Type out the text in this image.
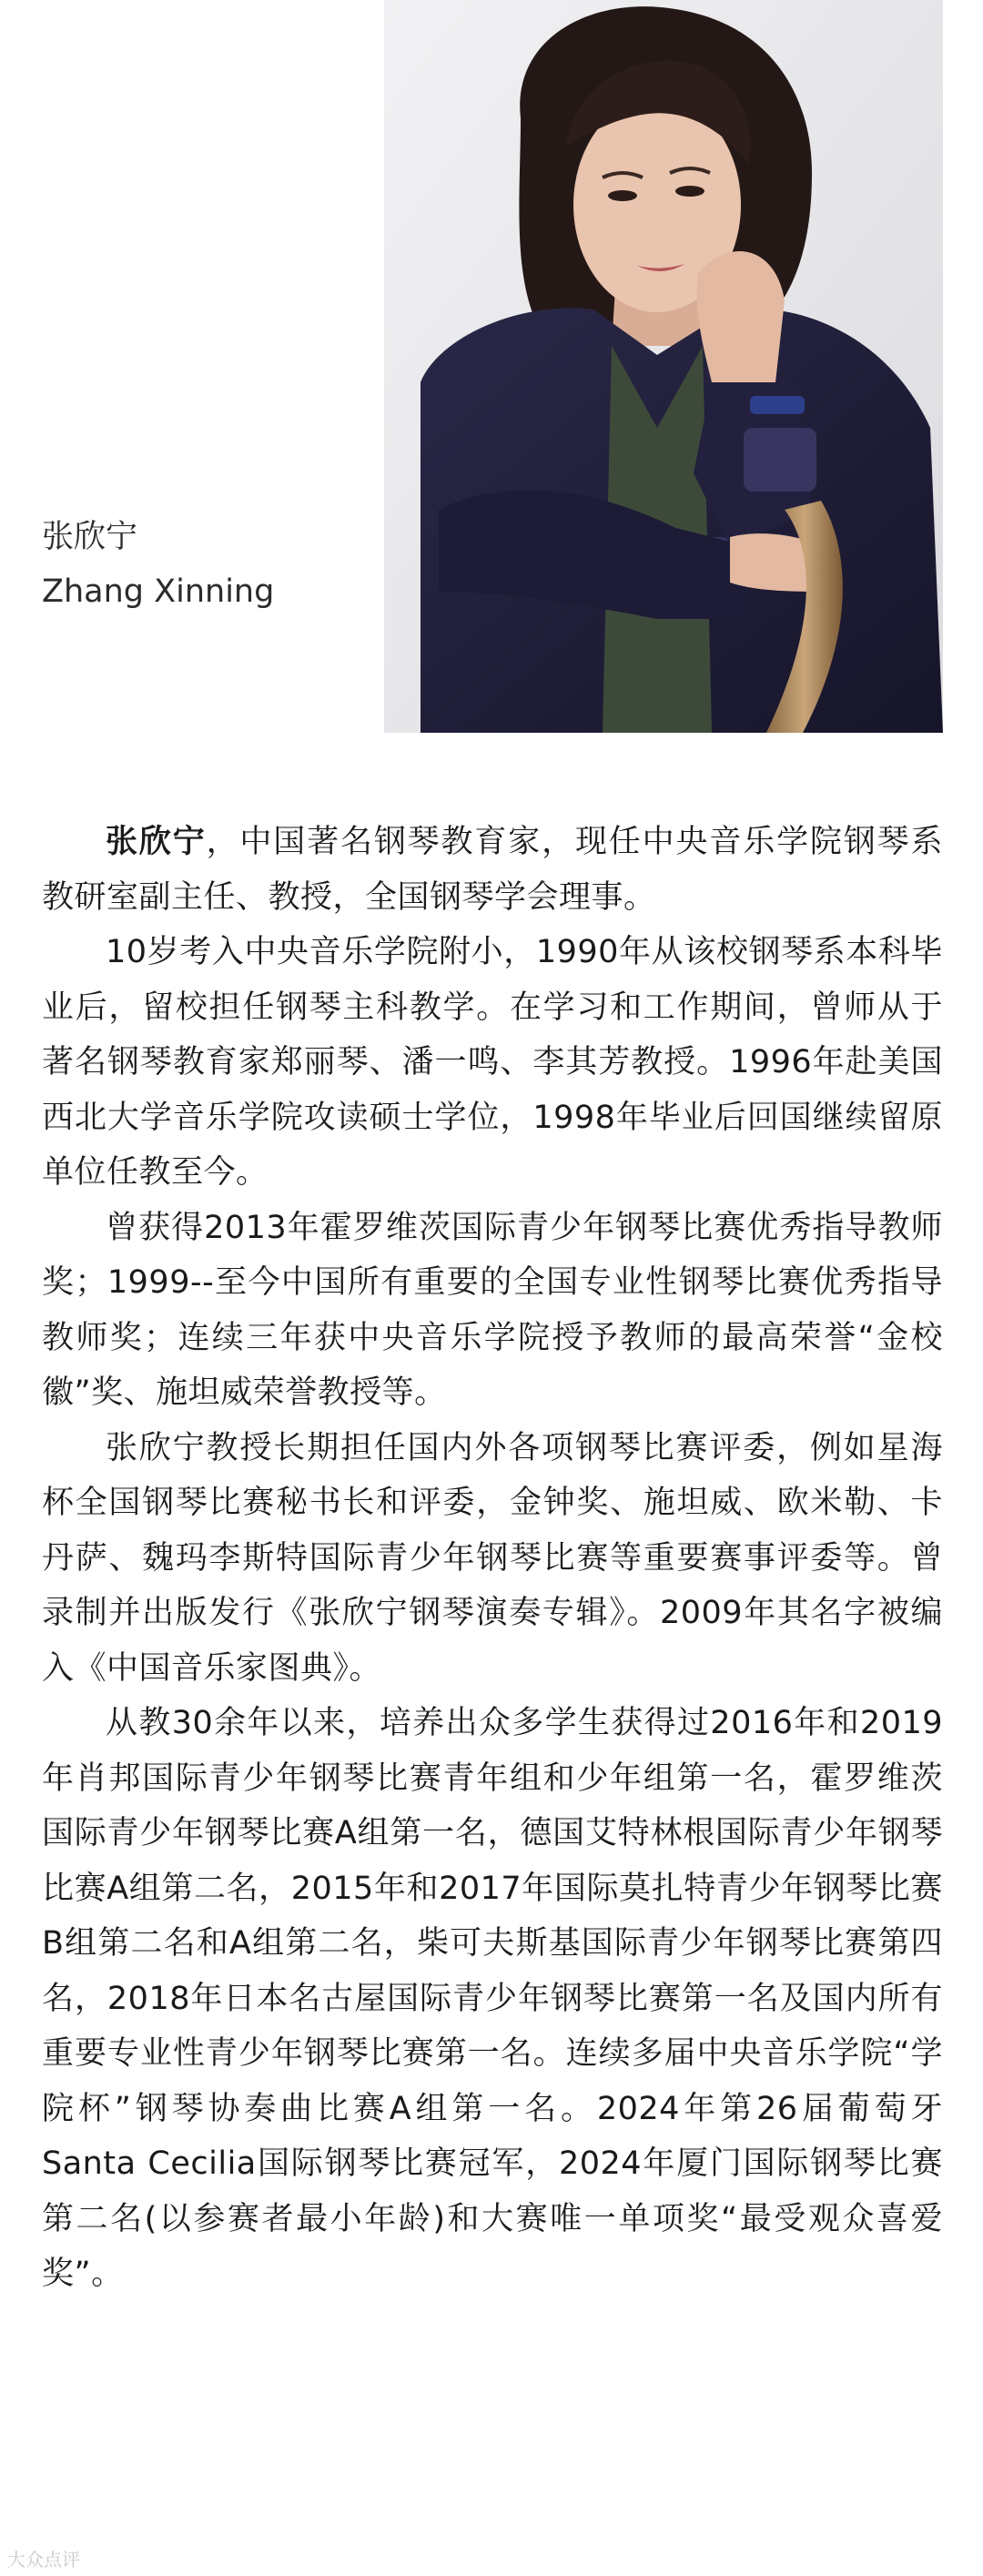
张欣宁
Zhang Xinning

张欣宁，中国著名钢琴教育家，现任中央音乐学院钢琴系教研室副主任、教授，全国钢琴学会理事。

10岁考入中央音乐学院附小，1990年从该校钢琴系本科毕业后，留校担任钢琴主科教学。在学习和工作期间，曾师从于著名钢琴教育家郑丽琴、潘一鸣、李其芳教授。1996年赴美国西北大学音乐学院攻读硕士学位，1998年毕业后回国继续留原单位任教至今。

曾获得2013年霍罗维茨国际青少年钢琴比赛优秀指导教师奖；1999--至今中国所有重要的全国专业性钢琴比赛优秀指导教师奖；连续三年获中央音乐学院授予教师的最高荣誉“金校徽”奖、施坦威荣誉教授等。

张欣宁教授长期担任国内外各项钢琴比赛评委，例如星海杯全国钢琴比赛秘书长和评委，金钟奖、施坦威、欧米勒、卡丹萨、魏玛李斯特国际青少年钢琴比赛等重要赛事评委等。曾录制并出版发行《张欣宁钢琴演奏专辑》。2009年其名字被编入《中国音乐家图典》。

从教30余年以来，培养出众多学生获得过2016年和2019年肖邦国际青少年钢琴比赛青年组和少年组第一名，霍罗维茨国际青少年钢琴比赛A组第一名，德国艾特林根国际青少年钢琴比赛A组第二名，2015年和2017年国际莫扎特青少年钢琴比赛B组第二名和A组第二名，柴可夫斯基国际青少年钢琴比赛第四名，2018年日本名古屋国际青少年钢琴比赛第一名及国内所有重要专业性青少年钢琴比赛第一名。连续多届中央音乐学院“学院杯”钢琴协奏曲比赛A组第一名。2024年第26届葡萄牙Santa Cecilia国际钢琴比赛冠军，2024年厦门国际钢琴比赛第二名(以参赛者最小年龄)和大赛唯一单项奖“最受观众喜爱奖”。

大众点评
